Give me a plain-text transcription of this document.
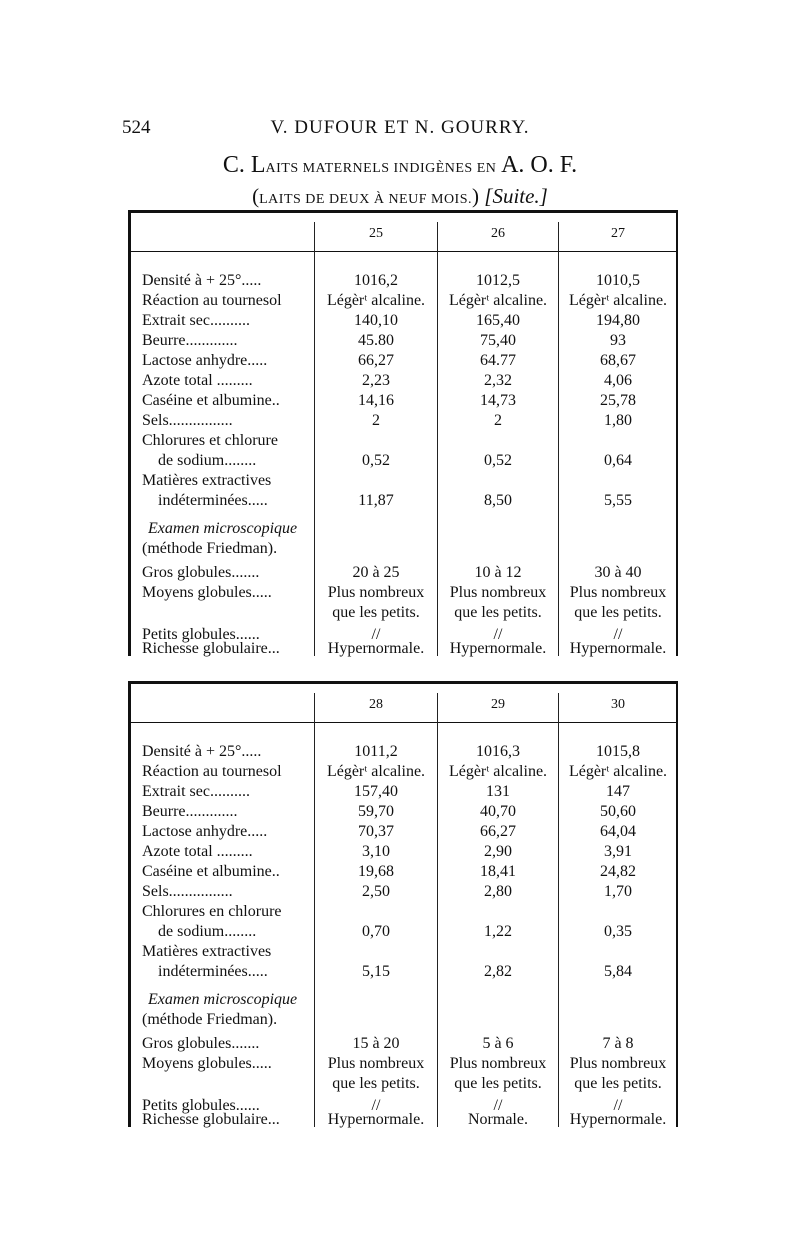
524	V. DUFOUR ET N. GOURRY.
C. LAITS MATERNELS INDIGÈNES EN A. O. F.
(LAITS DE DEUX À NEUF MOIS.) [Suite.]
25	26	27
Densité à + 25°.....	1016,2	1012,5	1010,5
Réaction au tournesol	Légèrᵗ alcaline.	Légèrᵗ alcaline.	Légèrᵗ alcaline.
Extrait sec..........	140,10	165,40	194,80
Beurre.............	45.80	75,40	93
Lactose anhydre.....	66,27	64.77	68,67
Azote total .........	2,23	2,32	4,06
Caséine et albumine..	14,16	14,73	25,78
Sels................	2	2	1,80
Chlorures et chlorure
de sodium........	0,52	0,52	0,64
Matières extractives
indéterminées.....	11,87	8,50	5,55
Examen microscopique
(méthode Friedman).
Gros globules.......	20 à 25	10 à 12	30 à 40
Moyens globules.....	Plus nombreux	Plus nombreux	Plus nombreux
que les petits.	que les petits.	que les petits.
Petits globules......	//	//	//
Richesse globulaire...	Hypernormale.	Hypernormale.	Hypernormale.
28	29	30
Densité à + 25°.....	1011,2	1016,3	1015,8
Réaction au tournesol	Légèrᵗ alcaline.	Légèrᵗ alcaline.	Légèrᵗ alcaline.
Extrait sec..........	157,40	131	147
Beurre.............	59,70	40,70	50,60
Lactose anhydre.....	70,37	66,27	64,04
Azote total .........	3,10	2,90	3,91
Caséine et albumine..	19,68	18,41	24,82
Sels................	2,50	2,80	1,70
Chlorures en chlorure
de sodium........	0,70	1,22	0,35
Matières extractives
indéterminées.....	5,15	2,82	5,84
Examen microscopique
(méthode Friedman).
Gros globules.......	15 à 20	5 à 6	7 à 8
Moyens globules.....	Plus nombreux	Plus nombreux	Plus nombreux
que les petits.	que les petits.	que les petits.
Petits globules......	//	//	//
Richesse globulaire...	Hypernormale.	Normale.	Hypernormale.
